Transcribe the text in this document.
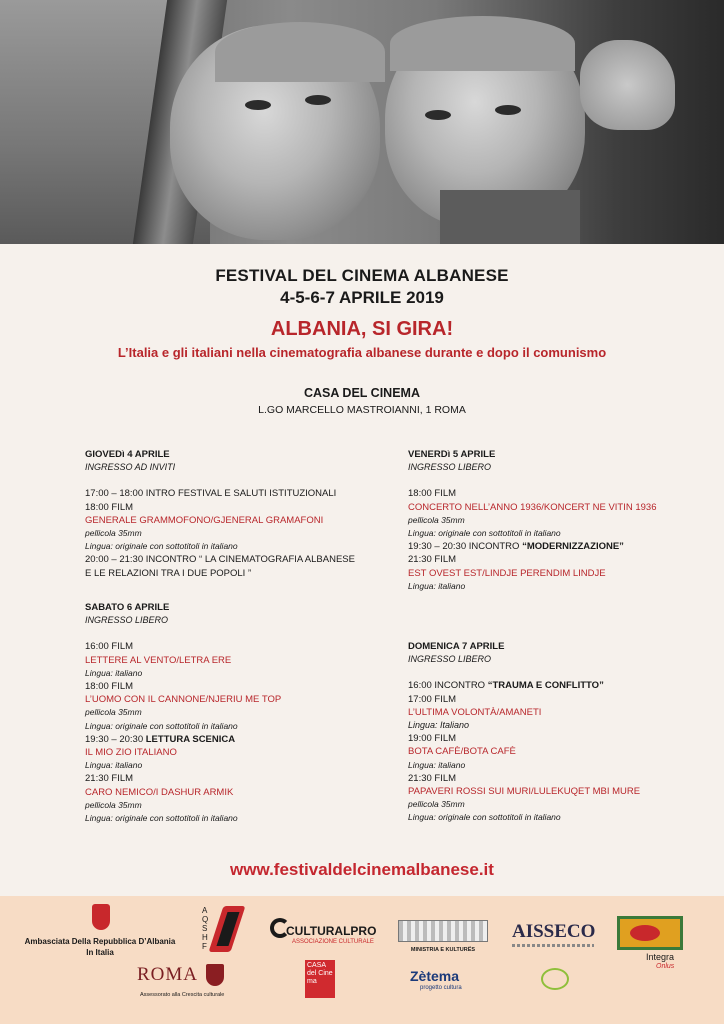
FESTIVAL DEL CINEMA ALBANESE
4-5-6-7 APRILE 2019
ALBANIA, SI GIRA!
L’Italia e gli italiani nella cinematografia albanese durante e dopo il comunismo
CASA DEL CINEMA
L.GO MARCELLO MASTROIANNI, 1 ROMA
GIOVEDì 4 APRILE
INGRESSO AD INVITI
17:00 – 18:00 INTRO FESTIVAL E SALUTI ISTITUZIONALI
18:00 FILM
GENERALE GRAMMOFONO/GJENERAL GRAMAFONI
pellicola 35mm
Lingua: originale con sottotitoli in italiano
20:00 – 21:30 INCONTRO “ LA CINEMATOGRAFIA ALBANESE
E LE RELAZIONI TRA I DUE POPOLI ”
VENERDì 5 APRILE
INGRESSO LIBERO
18:00 FILM
CONCERTO NELL’ANNO 1936/KONCERT NE VITIN 1936
pellicola 35mm
Lingua: originale con sottotitoli in italiano
19:30 – 20:30 INCONTRO “MODERNIZZAZIONE”
21:30 FILM
EST OVEST EST/LINDJE PERENDIM LINDJE
Lingua: italiano
SABATO 6 APRILE
INGRESSO LIBERO
16:00 FILM
LETTERE AL VENTO/LETRA ERE
Lingua: italiano
18:00 FILM
L’UOMO CON IL CANNONE/NJERIU ME TOP
pellicola 35mm
Lingua: originale con sottotitoli in italiano
19:30 – 20:30 LETTURA SCENICA
IL MIO ZIO ITALIANO
Lingua: italiano
21:30 FILM
CARO NEMICO/I DASHUR ARMIK
pellicola 35mm
Lingua: originale con sottotitoli in italiano
DOMENICA 7 APRILE
INGRESSO LIBERO
16:00 INCONTRO “TRAUMA E CONFLITTO”
17:00 FILM
L’ULTIMA VOLONTÀ/AMANETI
Lingua: Italiano
19:00 FILM
BOTA CAFÈ/BOTA CAFÈ
Lingua: italiano
21:30 FILM
PAPAVERI ROSSI SUI MURI/LULEKUQET MBI MURE
pellicola 35mm
Lingua: originale con sottotitoli in italiano
www.festivaldelcinemalbanese.it
Ambasciata Della Repubblica D’Albania
In Italia
A Q S H F
CULTURALPRO
ASSOCIAZIONE CULTURALE
MINISTRIA E KULTURËS
AISSECO
Integra
Onlus
ROMA
Assessorato alla Crescita culturale
CASA del Cine ma	Zètema
progetto cultura
